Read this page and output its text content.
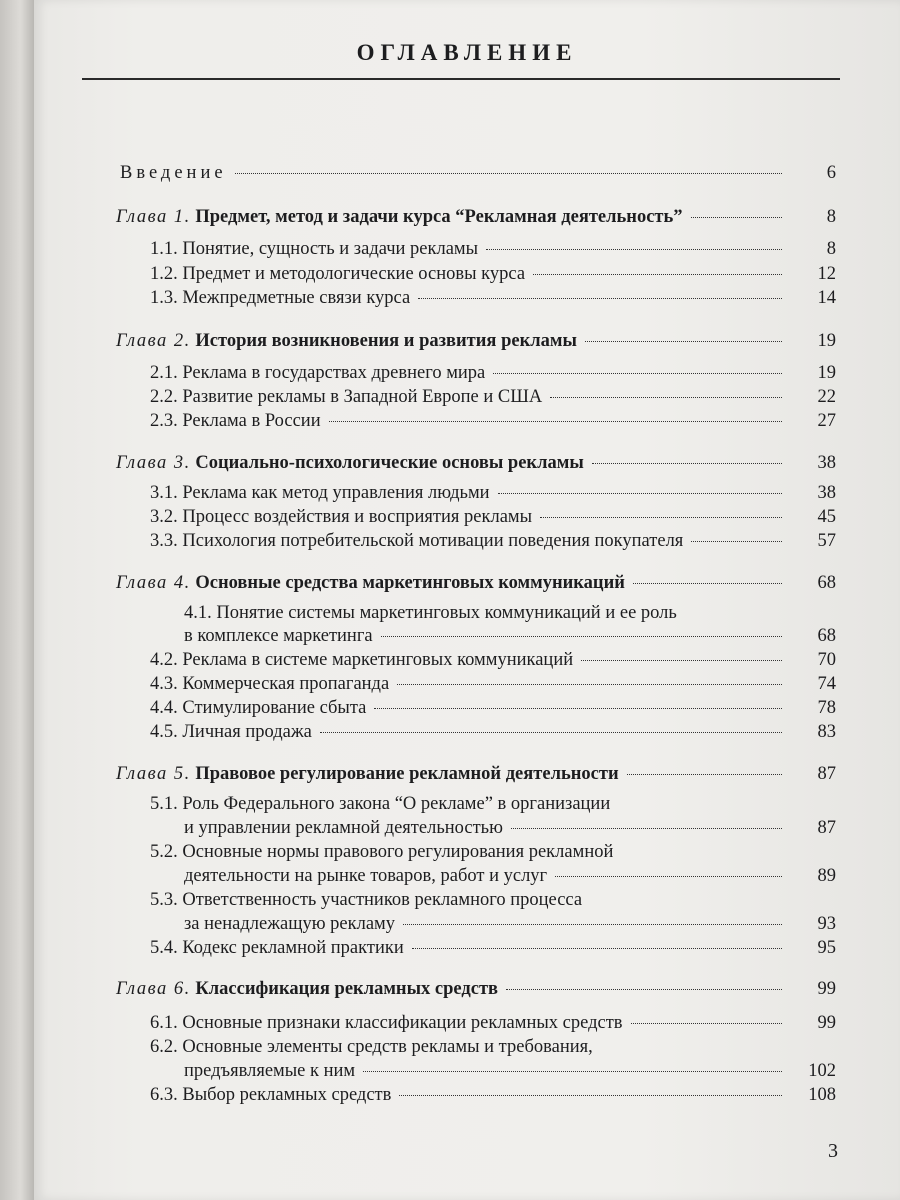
ОГЛАВЛЕНИЕ
Введение	6
Глава 1. Предмет, метод и задачи курса “Рекламная деятельность”	8
1.1. Понятие, сущность и задачи рекламы	8
1.2. Предмет и методологические основы курса	12
1.3. Межпредметные связи курса	14
Глава 2. История возникновения и развития рекламы	19
2.1. Реклама в государствах древнего мира	19
2.2. Развитие рекламы в Западной Европе и США	22
2.3. Реклама в России	27
Глава 3. Социально-психологические основы рекламы	38
3.1. Реклама как метод управления людьми	38
3.2. Процесс воздействия и восприятия рекламы	45
3.3. Психология потребительской мотивации поведения покупателя	57
Глава 4. Основные средства маркетинговых коммуникаций	68
4.1. Понятие системы маркетинговых коммуникаций и ее роль
в комплексе маркетинга	68
4.2. Реклама в системе маркетинговых коммуникаций	70
4.3. Коммерческая пропаганда	74
4.4. Стимулирование сбыта	78
4.5. Личная продажа	83
Глава 5. Правовое регулирование рекламной деятельности	87
5.1. Роль Федерального закона “О рекламе” в организации
и управлении рекламной деятельностью	87
5.2. Основные нормы правового регулирования рекламной
деятельности на рынке товаров, работ и услуг	89
5.3. Ответственность участников рекламного процесса
за ненадлежащую рекламу	93
5.4. Кодекс рекламной практики	95
Глава 6. Классификация рекламных средств	99
6.1. Основные признаки классификации рекламных средств	99
6.2. Основные элементы средств рекламы и требования,
предъявляемые к ним	102
6.3. Выбор рекламных средств	108
3
